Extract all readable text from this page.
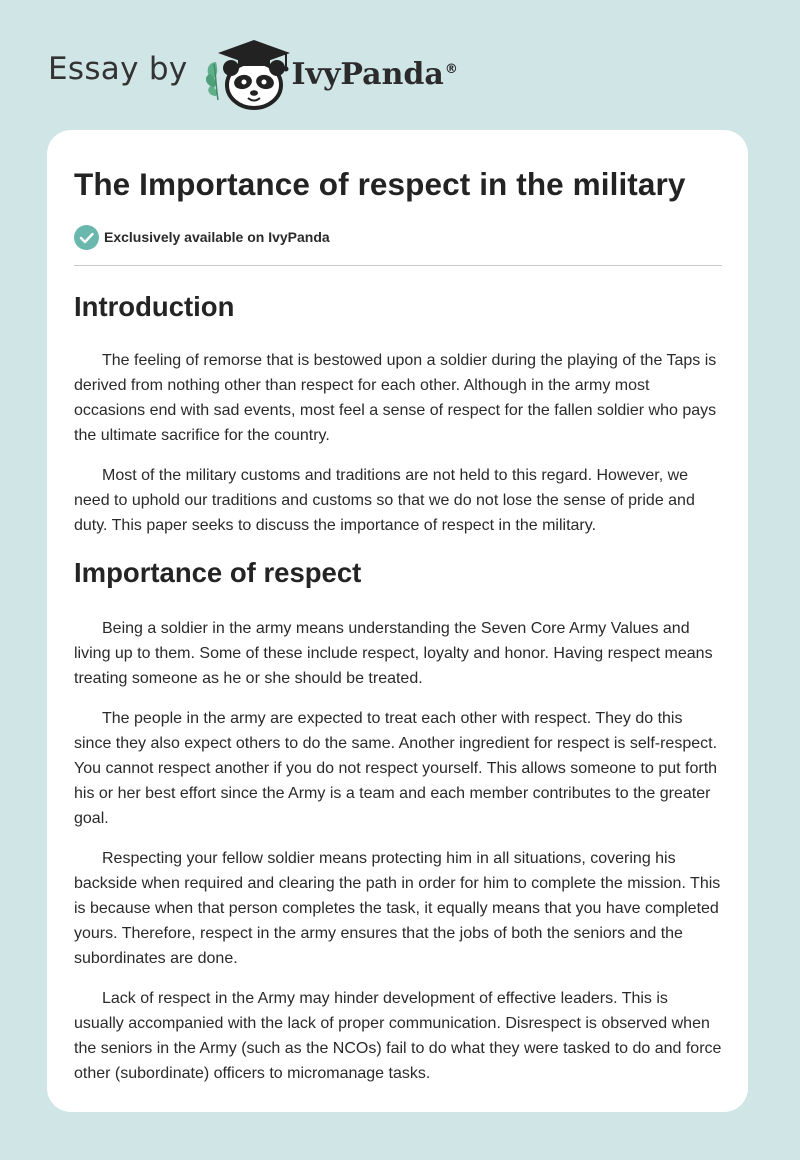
Essay by	IvyPanda®
The Importance of respect in the military
Exclusively available on IvyPanda
Introduction

The feeling of remorse that is bestowed upon a soldier during the playing of the Taps is derived from nothing other than respect for each other. Although in the army most occasions end with sad events, most feel a sense of respect for the fallen soldier who pays the ultimate sacrifice for the country.

Most of the military customs and traditions are not held to this regard. However, we need to uphold our traditions and customs so that we do not lose the sense of pride and duty. This paper seeks to discuss the importance of respect in the military.

Importance of respect

Being a soldier in the army means understanding the Seven Core Army Values and living up to them. Some of these include respect, loyalty and honor. Having respect means treating someone as he or she should be treated.

The people in the army are expected to treat each other with respect. They do this since they also expect others to do the same. Another ingredient for respect is self-respect. You cannot respect another if you do not respect yourself. This allows someone to put forth his or her best effort since the Army is a team and each member contributes to the greater goal.

Respecting your fellow soldier means protecting him in all situations, covering his backside when required and clearing the path in order for him to complete the mission. This is because when that person completes the task, it equally means that you have completed yours. Therefore, respect in the army ensures that the jobs of both the seniors and the subordinates are done.

Lack of respect in the Army may hinder development of effective leaders. This is usually accompanied with the lack of proper communication. Disrespect is observed when the seniors in the Army (such as the NCOs) fail to do what they were tasked to do and force other (subordinate) officers to micromanage tasks.
